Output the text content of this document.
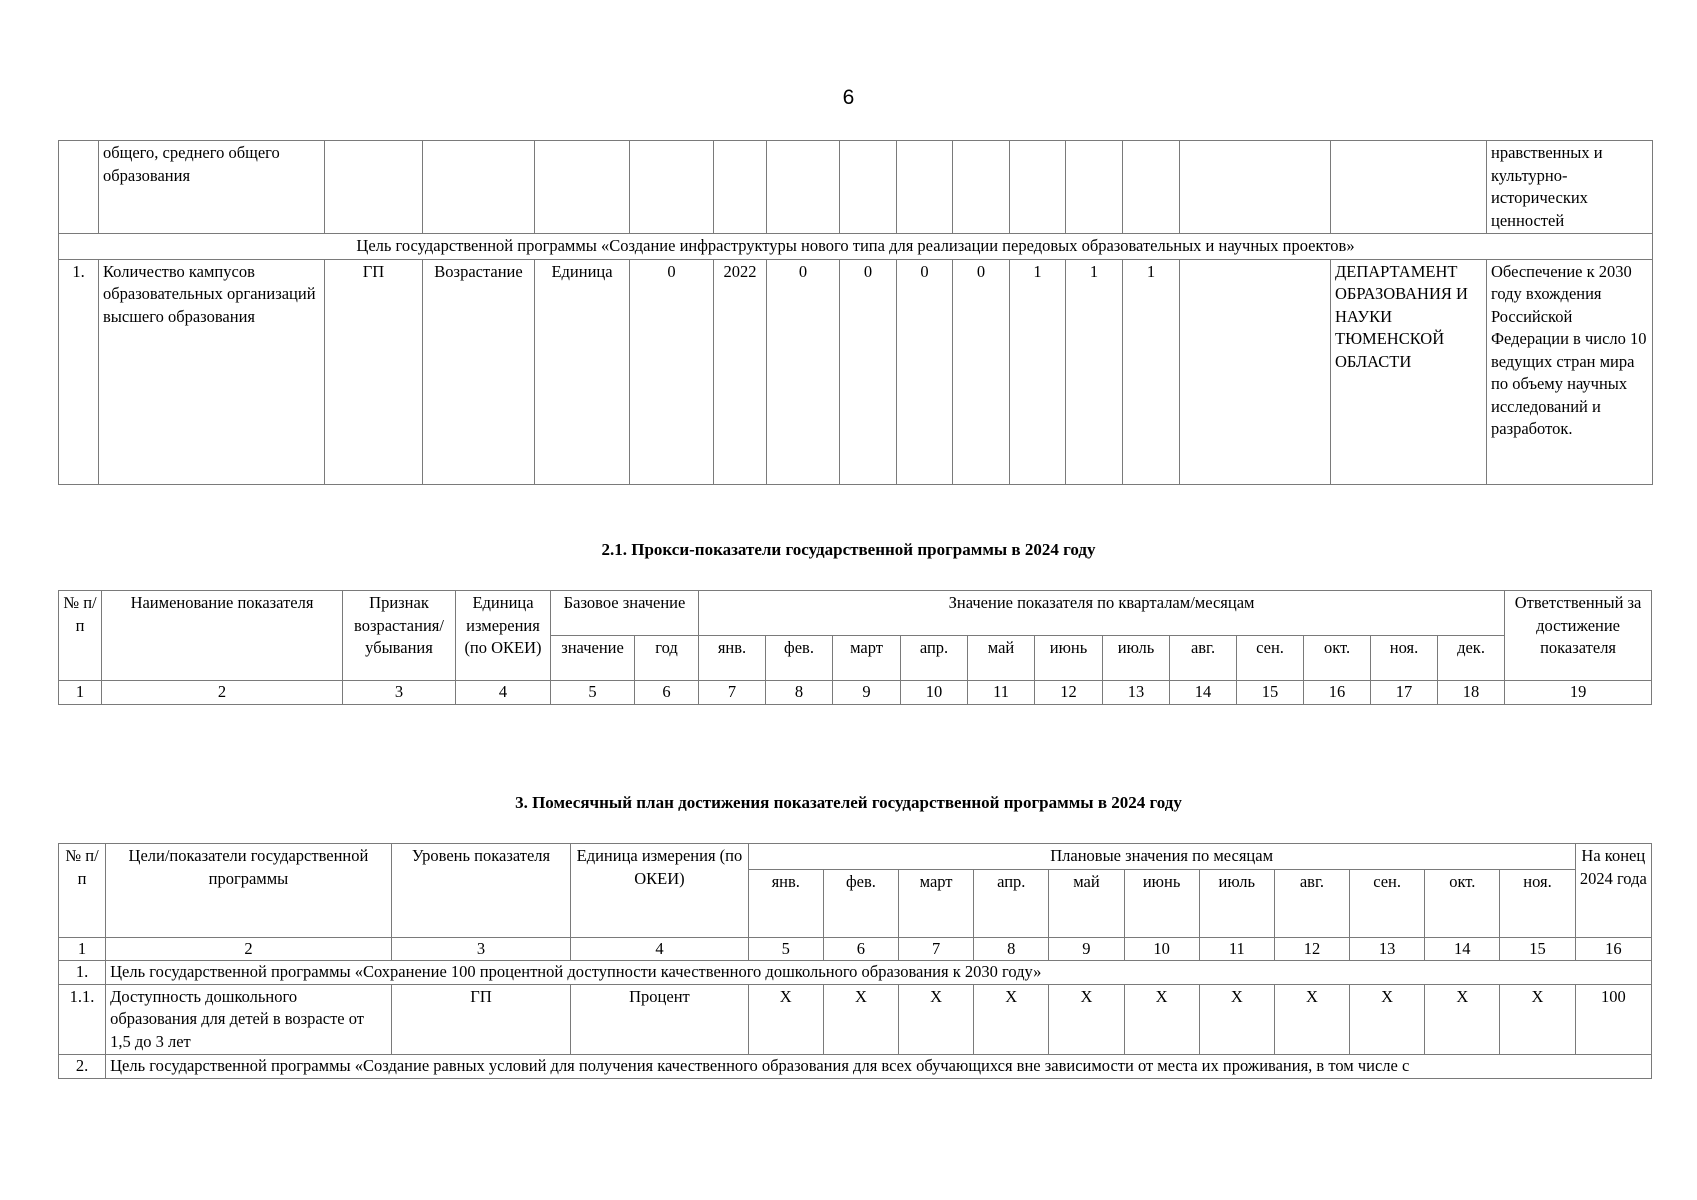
6
	общего, среднего общего образования															нравственных и культурно-исторических ценностей
Цель государственной программы «Создание инфраструктуры нового типа для реализации передовых образовательных и научных проектов»																
1.	Количество кампусов образовательных организаций высшего образования	ГП	Возрастание	Единица	0	2022	0	0	0	0	1	1	1		ДЕПАРТАМЕНТ ОБРАЗОВАНИЯ И НАУКИ ТЮМЕНСКОЙ ОБЛАСТИ	Обеспечение к 2030 году вхождения Российской Федерации в число 10 ведущих стран мира по объему научных исследований и разработок.
2.1. Прокси-показатели государственной программы в 2024 году
№ п/п	Наименование показателя	Признак возрастания/ убывания	Единица измерения (по ОКЕИ)	Базовое значение		Значение показателя по кварталам/месяцам												Ответственный за достижение показателя
				значение	год	янв.	фев.	март	апр.	май	июнь	июль	авг.	сен.	окт.	ноя.	дек.	
1	2	3	4	5	6	7	8	9	10	11	12	13	14	15	16	17	18	19
3. Помесячный план достижения показателей государственной программы в 2024 году
№ п/п	Цели/показатели государственной программы	Уровень показателя	Единица измерения (по ОКЕИ)	Плановые значения по месяцам											На конец 2024 года
				янв.	фев.	март	апр.	май	июнь	июль	авг.	сен.	окт.	ноя.	
1	2	3	4	5	6	7	8	9	10	11	12	13	14	15	16
1.	Цель государственной программы «Сохранение 100 процентной доступности качественного дошкольного образования к 2030 году»														
1.1.	Доступность дошкольного образования для детей в возрасте от 1,5 до 3 лет	ГП	Процент	X	X	X	X	X	X	X	X	X	X	X	100
2.	Цель государственной программы «Создание равных условий для получения качественного образования для всех обучающихся вне зависимости от места их проживания, в том числе с														
